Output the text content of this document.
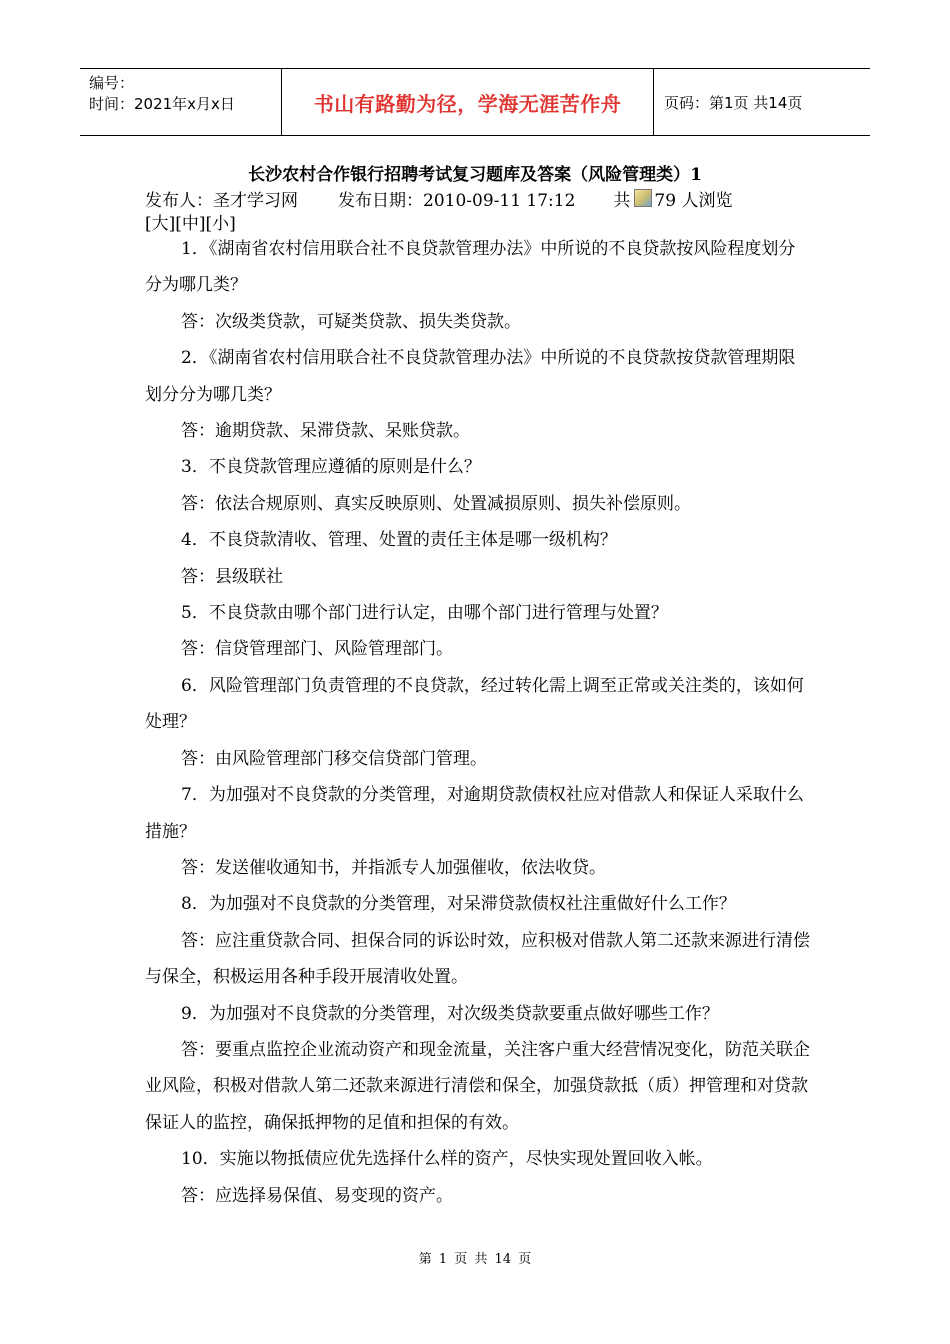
编号：
时间：2021年x月x日	书山有路勤为径，学海无涯苦作舟	页码：第1页 共14页
长沙农村合作银行招聘考试复习题库及答案（风险管理类）1
发布人：圣才学习网 发布日期：2010-09-11 17:12 共 79 人浏览
[大][中][小]

1．《湖南省农村信用联合社不良贷款管理办法》中所说的不良贷款按风险程度划分分为哪几类？

答：次级类贷款，可疑类贷款、损失类贷款。

2．《湖南省农村信用联合社不良贷款管理办法》中所说的不良贷款按贷款管理期限划分分为哪几类？

答：逾期贷款、呆滞贷款、呆账贷款。

3．不良贷款管理应遵循的原则是什么？

答：依法合规原则、真实反映原则、处置减损原则、损失补偿原则。

4．不良贷款清收、管理、处置的责任主体是哪一级机构？

答：县级联社

5．不良贷款由哪个部门进行认定，由哪个部门进行管理与处置？

答：信贷管理部门、风险管理部门。

6．风险管理部门负责管理的不良贷款，经过转化需上调至正常或关注类的，该如何处理？

答：由风险管理部门移交信贷部门管理。

7．为加强对不良贷款的分类管理，对逾期贷款债权社应对借款人和保证人采取什么措施？

答：发送催收通知书，并指派专人加强催收，依法收贷。

8．为加强对不良贷款的分类管理，对呆滞贷款债权社注重做好什么工作？

答：应注重贷款合同、担保合同的诉讼时效，应积极对借款人第二还款来源进行清偿与保全，积极运用各种手段开展清收处置。

9．为加强对不良贷款的分类管理，对次级类贷款要重点做好哪些工作？

答：要重点监控企业流动资产和现金流量，关注客户重大经营情况变化，防范关联企业风险，积极对借款人第二还款来源进行清偿和保全，加强贷款抵（质）押管理和对贷款保证人的监控，确保抵押物的足值和担保的有效。

10．实施以物抵债应优先选择什么样的资产，尽快实现处置回收入帐。

答：应选择易保值、易变现的资产。

第 1 页 共 14 页
